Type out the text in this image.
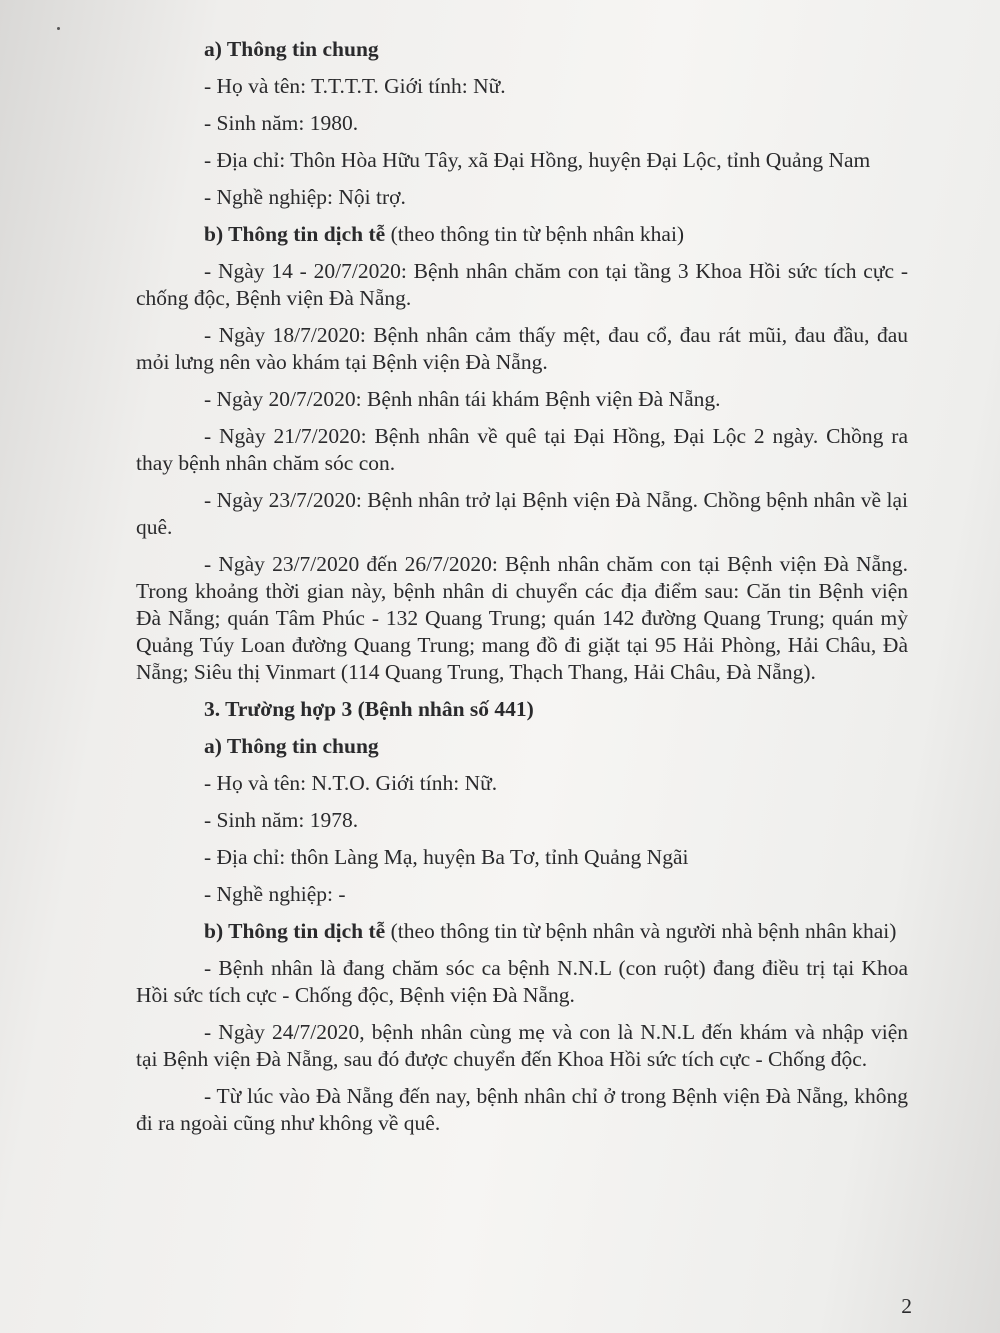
a) Thông tin chung

- Họ và tên: T.T.T.T. Giới tính: Nữ.

- Sinh năm: 1980.

- Địa chỉ: Thôn Hòa Hữu Tây, xã Đại Hồng, huyện Đại Lộc, tỉnh Quảng Nam

- Nghề nghiệp: Nội trợ.

b) Thông tin dịch tễ (theo thông tin từ bệnh nhân khai)

- Ngày 14 - 20/7/2020: Bệnh nhân chăm con tại tầng 3 Khoa Hồi sức tích cực - chống độc, Bệnh viện Đà Nẵng.

- Ngày 18/7/2020: Bệnh nhân cảm thấy mệt, đau cổ, đau rát mũi, đau đầu, đau mỏi lưng nên vào khám tại Bệnh viện Đà Nẵng.

- Ngày 20/7/2020: Bệnh nhân tái khám Bệnh viện Đà Nẵng.

- Ngày 21/7/2020: Bệnh nhân về quê tại Đại Hồng, Đại Lộc 2 ngày. Chồng ra thay bệnh nhân chăm sóc con.

- Ngày 23/7/2020: Bệnh nhân trở lại Bệnh viện Đà Nẵng. Chồng bệnh nhân về lại quê.

- Ngày 23/7/2020 đến 26/7/2020: Bệnh nhân chăm con tại Bệnh viện Đà Nẵng. Trong khoảng thời gian này, bệnh nhân di chuyển các địa điểm sau: Căn tin Bệnh viện Đà Nẵng; quán Tâm Phúc - 132 Quang Trung; quán 142 đường Quang Trung; quán mỳ Quảng Túy Loan đường Quang Trung; mang đồ đi giặt tại 95 Hải Phòng, Hải Châu, Đà Nẵng; Siêu thị Vinmart (114 Quang Trung, Thạch Thang, Hải Châu, Đà Nẵng).

3. Trường hợp 3 (Bệnh nhân số 441)

a) Thông tin chung

- Họ và tên: N.T.O. Giới tính: Nữ.

- Sinh năm: 1978.

- Địa chỉ: thôn Làng Mạ, huyện Ba Tơ, tỉnh Quảng Ngãi

- Nghề nghiệp: -

b) Thông tin dịch tễ (theo thông tin từ bệnh nhân và người nhà bệnh nhân khai)

- Bệnh nhân là đang chăm sóc ca bệnh N.N.L (con ruột) đang điều trị tại Khoa Hồi sức tích cực - Chống độc, Bệnh viện Đà Nẵng.

- Ngày 24/7/2020, bệnh nhân cùng mẹ và con là N.N.L đến khám và nhập viện tại Bệnh viện Đà Nẵng, sau đó được chuyển đến Khoa Hồi sức tích cực - Chống độc.

- Từ lúc vào Đà Nẵng đến nay, bệnh nhân chỉ ở trong Bệnh viện Đà Nẵng, không đi ra ngoài cũng như không về quê.

2
